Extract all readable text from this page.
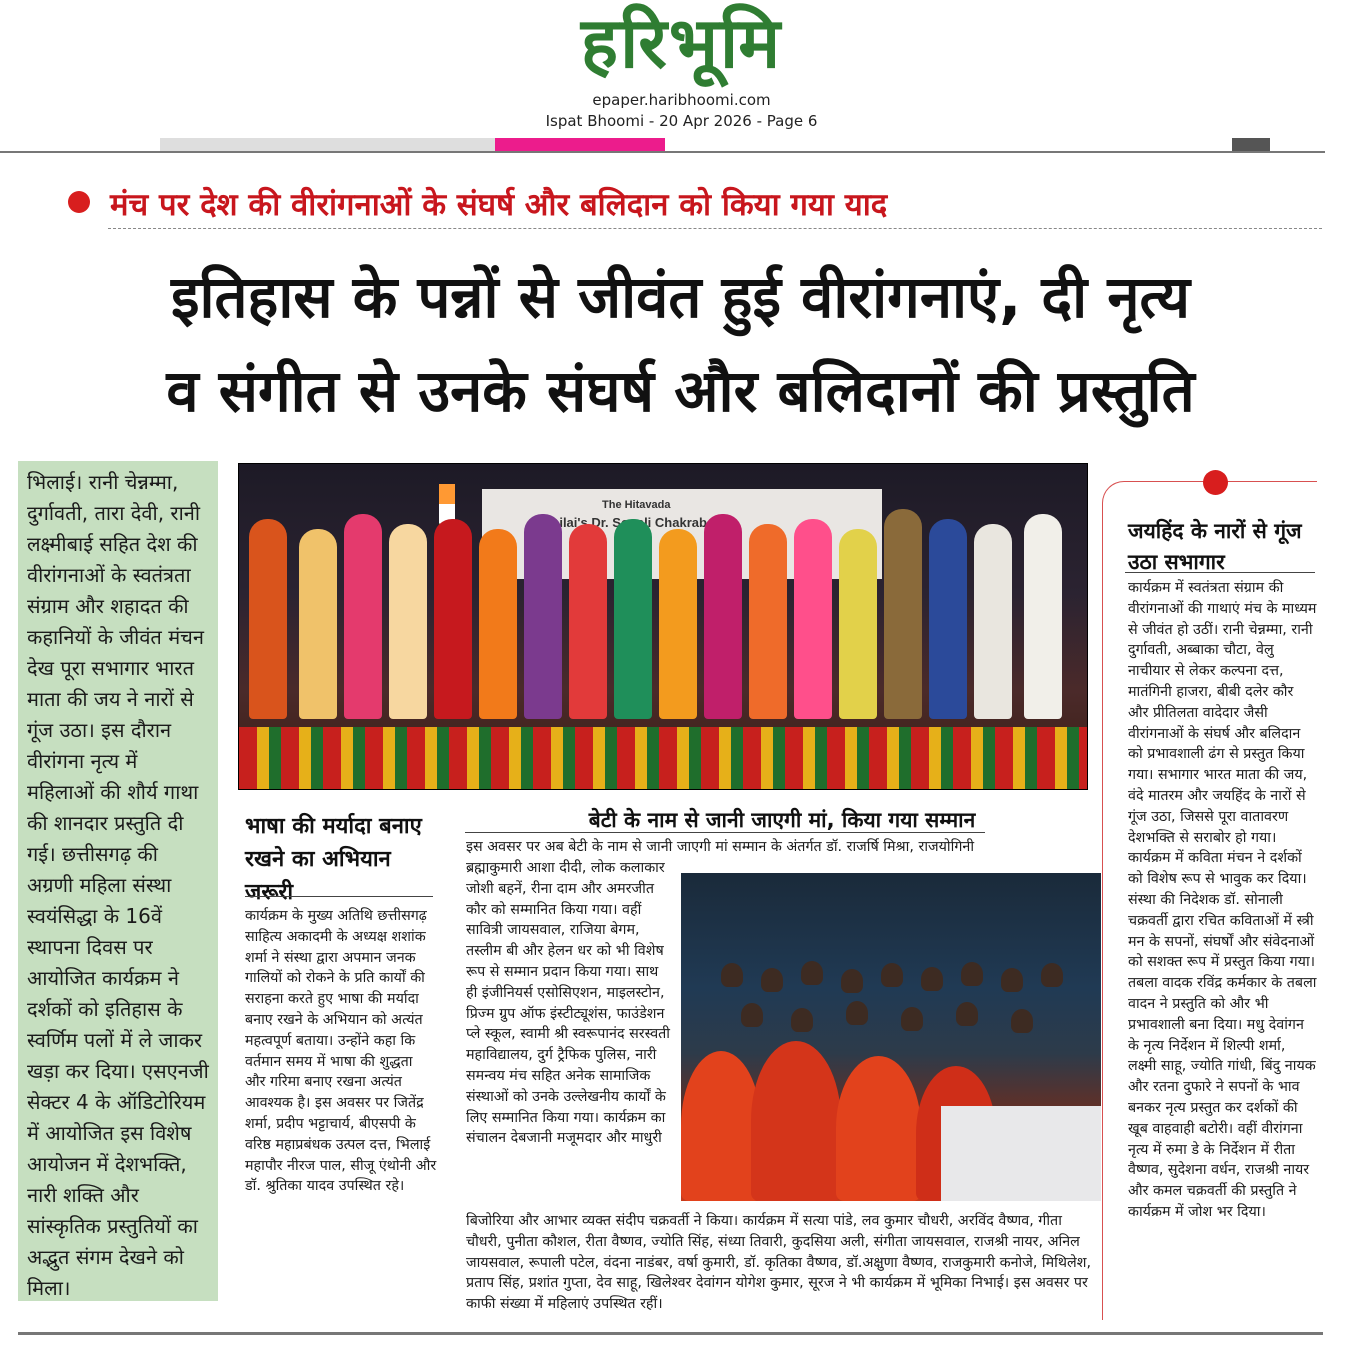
हरिभूमि
epaper.haribhoomi.com
Ispat Bhoomi - 20 Apr 2026 - Page 6
मंच पर देश की वीरांगनाओं के संघर्ष और बलिदान को किया गया याद
इतिहास के पन्नों से जीवंत हुई वीरांगनाएं, दी नृत्य
व संगीत से उनके संघर्ष और बलिदानों की प्रस्तुति
भिलाई। रानी चेन्नम्मा, दुर्गावती, तारा देवी, रानी लक्ष्मीबाई सहित देश की वीरांगनाओं के स्वतंत्रता संग्राम और शहादत की कहानियों के जीवंत मंचन देख पूरा सभागार भारत माता की जय ने नारों से गूंज उठा। इस दौरान वीरांगना नृत्य में महिलाओं की शौर्य गाथा की शानदार प्रस्तुति दी गई। छत्तीसगढ़ की अग्रणी महिला संस्था स्वयंसिद्धा के 16वें स्थापना दिवस पर आयोजित कार्यक्रम ने दर्शकों को इतिहास के स्वर्णिम पलों में ले जाकर खड़ा कर दिया। एसएनजी सेक्टर 4 के ऑडिटोरियम में आयोजित इस विशेष आयोजन में देशभक्ति, नारी शक्ति और सांस्कृतिक प्रस्तुतियों का अद्भुत संगम देखने को मिला।
The Hitavada
Bhilai's Dr. Chakraborty
भाषा की मर्यादा बनाए रखने का अभियान जरूरी
कार्यक्रम के मुख्य अतिथि छत्तीसगढ़ साहित्य अकादमी के अध्यक्ष शशांक शर्मा ने संस्था द्वारा अपमान जनक गालियों को रोकने के प्रति कार्यों की सराहना करते हुए भाषा की मर्यादा बनाए रखने के अभियान को अत्यंत महत्वपूर्ण बताया। उन्होंने कहा कि वर्तमान समय में भाषा की शुद्धता और गरिमा बनाए रखना अत्यंत आवश्यक है। इस अवसर पर जितेंद्र शर्मा, प्रदीप भट्टाचार्य, बीएसपी के वरिष्ठ महाप्रबंधक उत्पल दत्त, भिलाई महापौर नीरज पाल, सीजू एंथोनी और डॉ. श्रुतिका यादव उपस्थित रहे।
बेटी के नाम से जानी जाएगी मां, किया गया सम्मान
इस अवसर पर अब बेटी के नाम से जानी जाएगी मां सम्मान के अंतर्गत डॉ. राजर्षि मिश्रा, राजयोगिनी
ब्रह्माकुमारी आशा दीदी, लोक कलाकार जोशी बहनें, रीना दाम और अमरजीत कौर को सम्मानित किया गया। वहीं सावित्री जायसवाल, राजिया बेगम, तस्लीम बी और हेलन धर को भी विशेष रूप से सम्मान प्रदान किया गया। साथ ही इंजीनियर्स एसोसिएशन, माइलस्टोन, प्रिज्म ग्रुप ऑफ इंस्टीट्यूशंस, फाउंडेशन प्ले स्कूल, स्वामी श्री स्वरूपानंद सरस्वती महाविद्यालय, दुर्ग ट्रैफिक पुलिस, नारी समन्वय मंच सहित अनेक सामाजिक संस्थाओं को उनके उल्लेखनीय कार्यों के लिए सम्मानित किया गया। कार्यक्रम का संचालन देबजानी मजूमदार और माधुरी
बिजोरिया और आभार व्यक्त संदीप चक्रवर्ती ने किया। कार्यक्रम में सत्या पांडे, लव कुमार चौधरी, अरविंद वैष्णव, गीता चौधरी, पुनीता कौशल, रीता वैष्णव, ज्योति सिंह, संध्या तिवारी, कुदसिया अली, संगीता जायसवाल, राजश्री नायर, अनिल जायसवाल, रूपाली पटेल, वंदना नाडंबर, वर्षा कुमारी, डॉ. कृतिका वैष्णव, डॉ.अक्षुणा वैष्णव, राजकुमारी कनोजे, मिथिलेश, प्रताप सिंह, प्रशांत गुप्ता, देव साहू, खिलेश्वर देवांगन योगेश कुमार, सूरज ने भी कार्यक्रम में भूमिका निभाई। इस अवसर पर काफी संख्या में महिलाएं उपस्थित रहीं।
जयहिंद के नारों से गूंज उठा सभागार
कार्यक्रम में स्वतंत्रता संग्राम की वीरांगनाओं की गाथाएं मंच के माध्यम से जीवंत हो उठीं। रानी चेन्नम्मा, रानी दुर्गावती, अब्बाका चौटा, वेलु नाचीयार से लेकर कल्पना दत्त, मातंगिनी हाजरा, बीबी दलेर कौर और प्रीतिलता वादेदार जैसी वीरांगनाओं के संघर्ष और बलिदान को प्रभावशाली ढंग से प्रस्तुत किया गया। सभागार भारत माता की जय, वंदे मातरम और जयहिंद के नारों से गूंज उठा, जिससे पूरा वातावरण देशभक्ति से सराबोर हो गया। कार्यक्रम में कविता मंचन ने दर्शकों को विशेष रूप से भावुक कर दिया। संस्था की निदेशक डॉ. सोनाली चक्रवर्ती द्वारा रचित कविताओं में स्त्री मन के सपनों, संघर्षों और संवेदनाओं को सशक्त रूप में प्रस्तुत किया गया। तबला वादक रविंद्र कर्मकार के तबला वादन ने प्रस्तुति को और भी प्रभावशाली बना दिया। मधु देवांगन के नृत्य निर्देशन में शिल्पी शर्मा, लक्ष्मी साहू, ज्योति गांधी, बिंदु नायक और रतना दुफारे ने सपनों के भाव बनकर नृत्य प्रस्तुत कर दर्शकों की खूब वाहवाही बटोरी। वहीं वीरांगना नृत्य में रुमा डे के निर्देशन में रीता वैष्णव, सुदेशना वर्धन, राजश्री नायर और कमल चक्रवर्ती की प्रस्तुति ने कार्यक्रम में जोश भर दिया।
